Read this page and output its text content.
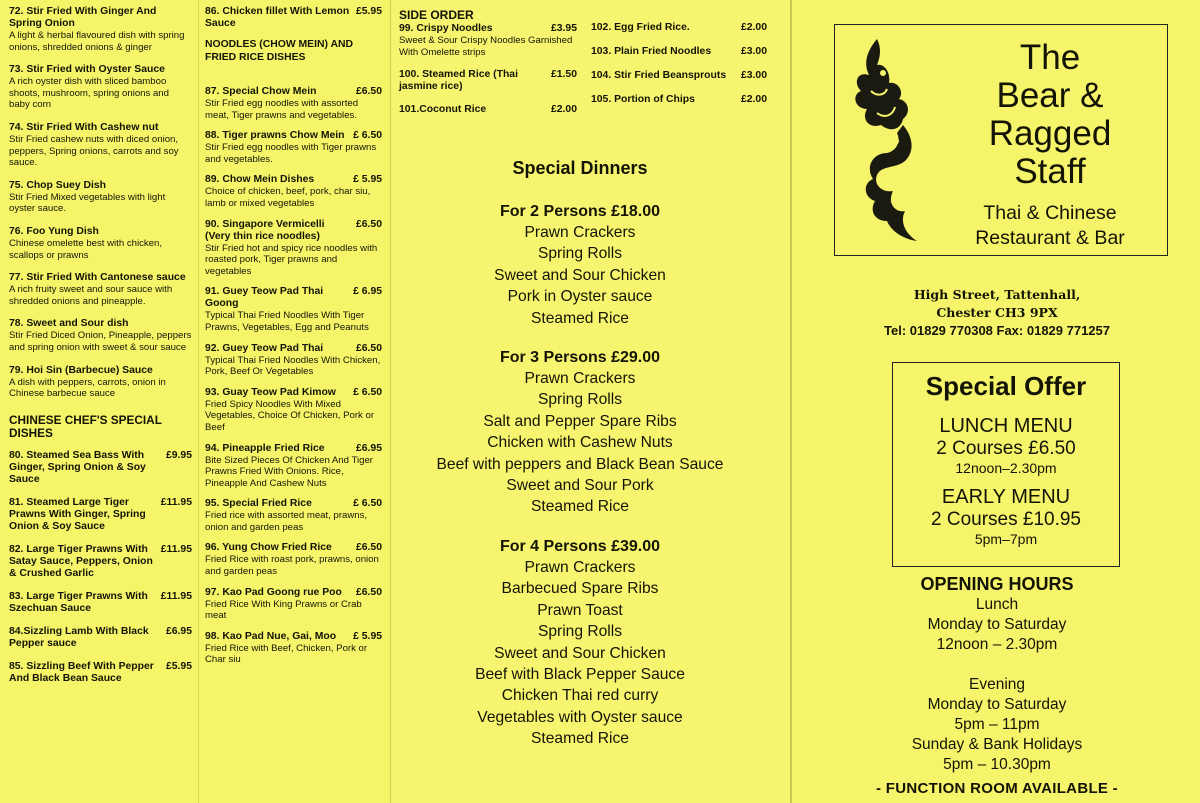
72. Stir Fried With Ginger And Spring Onion
A light & herbal flavoured dish with spring onions, shredded onions & ginger
73. Stir Fried with Oyster Sauce
A rich oyster dish with sliced bamboo shoots, mushroom, spring onions and baby corn
74. Stir Fried With Cashew nut
Stir Fried cashew nuts with diced onion, peppers, Spring onions, carrots and soy sauce.
75. Chop Suey Dish
Stir Fried Mixed vegetables with light oyster sauce.
76. Foo Yung Dish
Chinese omelette best with chicken, scallops or prawns
77. Stir Fried With Cantonese sauce
A rich fruity sweet and sour sauce with shredded onions and pineapple.
78. Sweet and Sour dish
Stir Fried Diced Onion, Pineapple, peppers and spring onion with sweet & sour sauce
79. Hoi Sin (Barbecue) Sauce
A dish with peppers, carrots, onion in Chinese barbecue sauce
CHINESE CHEF'S SPECIAL DISHES
80. Steamed Sea Bass With Ginger, Spring Onion & Soy Sauce
£9.95
81. Steamed Large Tiger Prawns With Ginger, Spring Onion & Soy Sauce
£11.95
82. Large Tiger Prawns With Satay Sauce, Peppers, Onion & Crushed Garlic
£11.95
83. Large Tiger Prawns With Szechuan Sauce
£11.95
84.Sizzling Lamb With Black Pepper sauce
£6.95
85. Sizzling Beef With Pepper And Black Bean Sauce
£5.95
86. Chicken fillet With Lemon Sauce
£5.95
NOODLES (CHOW MEIN) AND FRIED RICE DISHES
87. Special Chow Mein	£6.50
Stir Fried egg noodles with assorted meat, Tiger prawns and vegetables.
88. Tiger prawns Chow Mein £ 6.50
Stir Fried egg noodles with Tiger prawns and vegetables.
89. Chow Mein Dishes	£ 5.95
Choice of chicken, beef, pork, char siu, lamb or mixed vegetables
90. Singapore Vermicelli (Very thin rice noodles)
£6.50
Stir Fried hot and spicy rice noodles with roasted pork, Tiger prawns and vegetables
91. Guey Teow Pad Thai Goong
£ 6.95
Typical Thai Fried Noodles With Tiger Prawns, Vegetables, Egg and Peanuts
92. Guey Teow Pad Thai	£6.50
Typical Thai Fried Noodles With Chicken, Pork, Beef Or Vegetables
93. Guay Teow Pad Kimow	£ 6.50
Fried Spicy Noodles With Mixed Vegetables, Choice Of Chicken, Pork or Beef
94. Pineapple Fried Rice	£6.95
Bite Sized Pieces Of Chicken And Tiger Prawns Fried With Onions. Rice, Pineapple And Cashew Nuts
95. Special Fried Rice	£ 6.50
Fried rice with assorted meat, prawns, onion and garden peas
96. Yung Chow Fried Rice	£6.50
Fried Rice with roast pork, prawns, onion and garden peas
97. Kao Pad Goong rue Poo	£6.50
Fried Rice With King Prawns or Crab meat
98. Kao Pad Nue, Gai, Moo	£ 5.95
Fried Rice with Beef, Chicken, Pork or Char siu
SIDE ORDER
99. Crispy Noodles	£3.95
Sweet & Sour Crispy Noodles Garnished With Omelette strips
100. Steamed Rice (Thai jasmine rice)
£1.50
101.Coconut Rice	£2.00
102. Egg Fried Rice.	£2.00
103. Plain Fried Noodles	£3.00
104. Stir Fried Beansprouts	£3.00
105. Portion of Chips	£2.00
Special Dinners
For 2 Persons £18.00
Prawn Crackers
Spring Rolls
Sweet and Sour Chicken
Pork in Oyster sauce
Steamed Rice
For 3 Persons £29.00
Prawn Crackers
Spring Rolls
Salt and Pepper Spare Ribs
Chicken with Cashew Nuts
Beef with peppers and Black Bean Sauce
Sweet and Sour Pork
Steamed Rice
For 4 Persons £39.00
Prawn Crackers
Barbecued Spare Ribs
Prawn Toast
Spring Rolls
Sweet and Sour Chicken
Beef with Black Pepper Sauce
Chicken Thai red curry
Vegetables with Oyster sauce
Steamed Rice
The
Bear &
Ragged
Staff
Thai & Chinese
Restaurant & Bar
High Street, Tattenhall,
Chester CH3 9PX
Tel: 01829 770308 Fax: 01829 771257
Special Offer
LUNCH MENU
2 Courses £6.50
12noon–2.30pm
EARLY MENU
2 Courses £10.95
5pm–7pm
OPENING HOURS
Lunch
Monday to Saturday
12noon – 2.30pm
Evening
Monday to Saturday
5pm – 11pm
Sunday & Bank Holidays
5pm – 10.30pm
- FUNCTION ROOM AVAILABLE -
